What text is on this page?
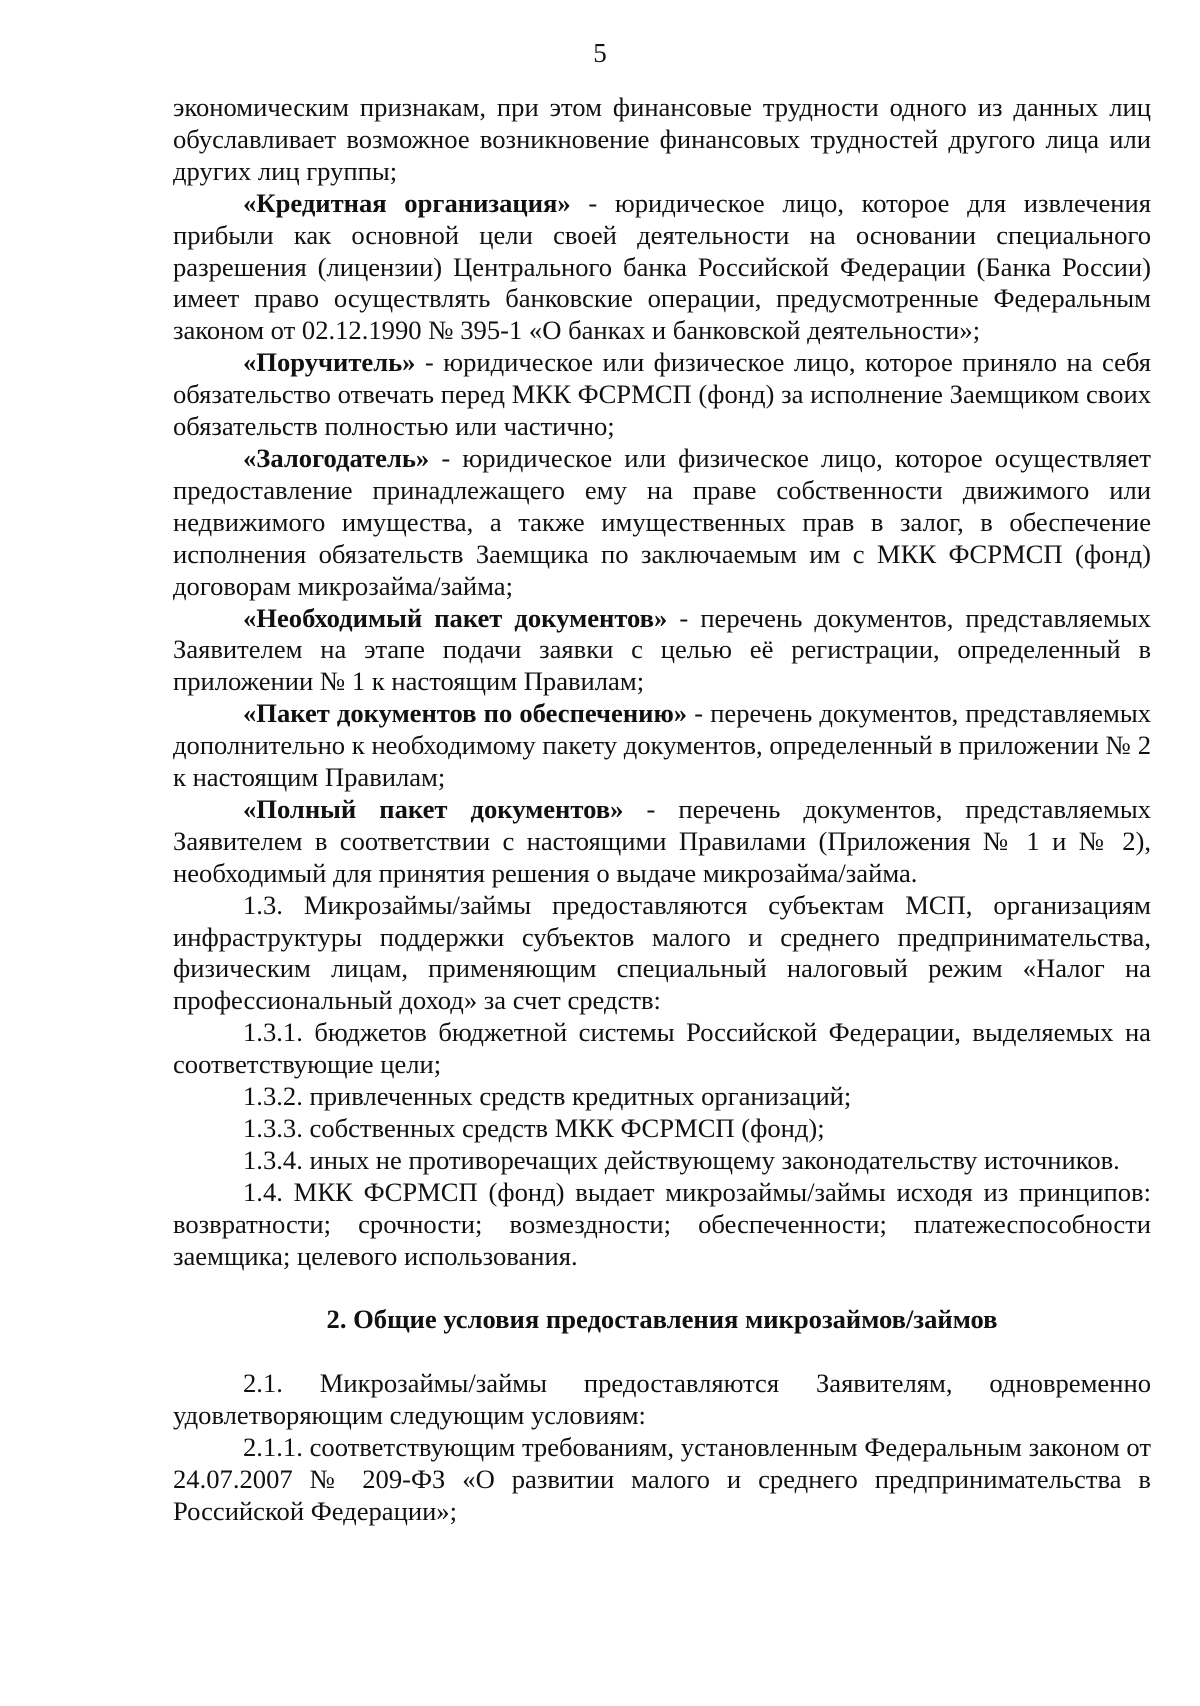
5

экономическим признакам, при этом финансовые трудности одного из данных лиц обуславливает возможное возникновение финансовых трудностей другого лица или других лиц группы;

«Кредитная организация» - юридическое лицо, которое для извлечения прибыли как основной цели своей деятельности на основании специального разрешения (лицензии) Центрального банка Российской Федерации (Банка России) имеет право осуществлять банковские операции, предусмотренные Федеральным законом от 02.12.1990 № 395-1 «О банках и банковской деятельности»;

«Поручитель» - юридическое или физическое лицо, которое приняло на себя обязательство отвечать перед МКК ФСРМСП (фонд) за исполнение Заемщиком своих обязательств полностью или частично;

«Залогодатель» - юридическое или физическое лицо, которое осуществляет предоставление принадлежащего ему на праве собственности движимого или недвижимого имущества, а также имущественных прав в залог, в обеспечение исполнения обязательств Заемщика по заключаемым им с МКК ФСРМСП (фонд) договорам микрозайма/займа;

«Необходимый пакет документов» - перечень документов, представляемых Заявителем на этапе подачи заявки с целью её регистрации, определенный в приложении № 1 к настоящим Правилам;

«Пакет документов по обеспечению» - перечень документов, представляемых дополнительно к необходимому пакету документов, определенный в приложении № 2 к настоящим Правилам;

«Полный пакет документов» - перечень документов, представляемых Заявителем в соответствии с настоящими Правилами (Приложения № 1 и № 2), необходимый для принятия решения о выдаче микрозайма/займа.

1.3. Микрозаймы/займы предоставляются субъектам МСП, организациям инфраструктуры поддержки субъектов малого и среднего предпринимательства, физическим лицам, применяющим специальный налоговый режим «Налог на профессиональный доход» за счет средств:

1.3.1. бюджетов бюджетной системы Российской Федерации, выделяемых на соответствующие цели;

1.3.2. привлеченных средств кредитных организаций;

1.3.3. собственных средств МКК ФСРМСП (фонд);

1.3.4. иных не противоречащих действующему законодательству источников.

1.4. МКК ФСРМСП (фонд) выдает микрозаймы/займы исходя из принципов: возвратности; срочности; возмездности; обеспеченности; платежеспособности заемщика; целевого использования.

2. Общие условия предоставления микрозаймов/займов

2.1. Микрозаймы/займы предоставляются Заявителям, одновременно удовлетворяющим следующим условиям:

2.1.1. соответствующим требованиям, установленным Федеральным законом от 24.07.2007 № 209-ФЗ «О развитии малого и среднего предпринимательства в Российской Федерации»;
